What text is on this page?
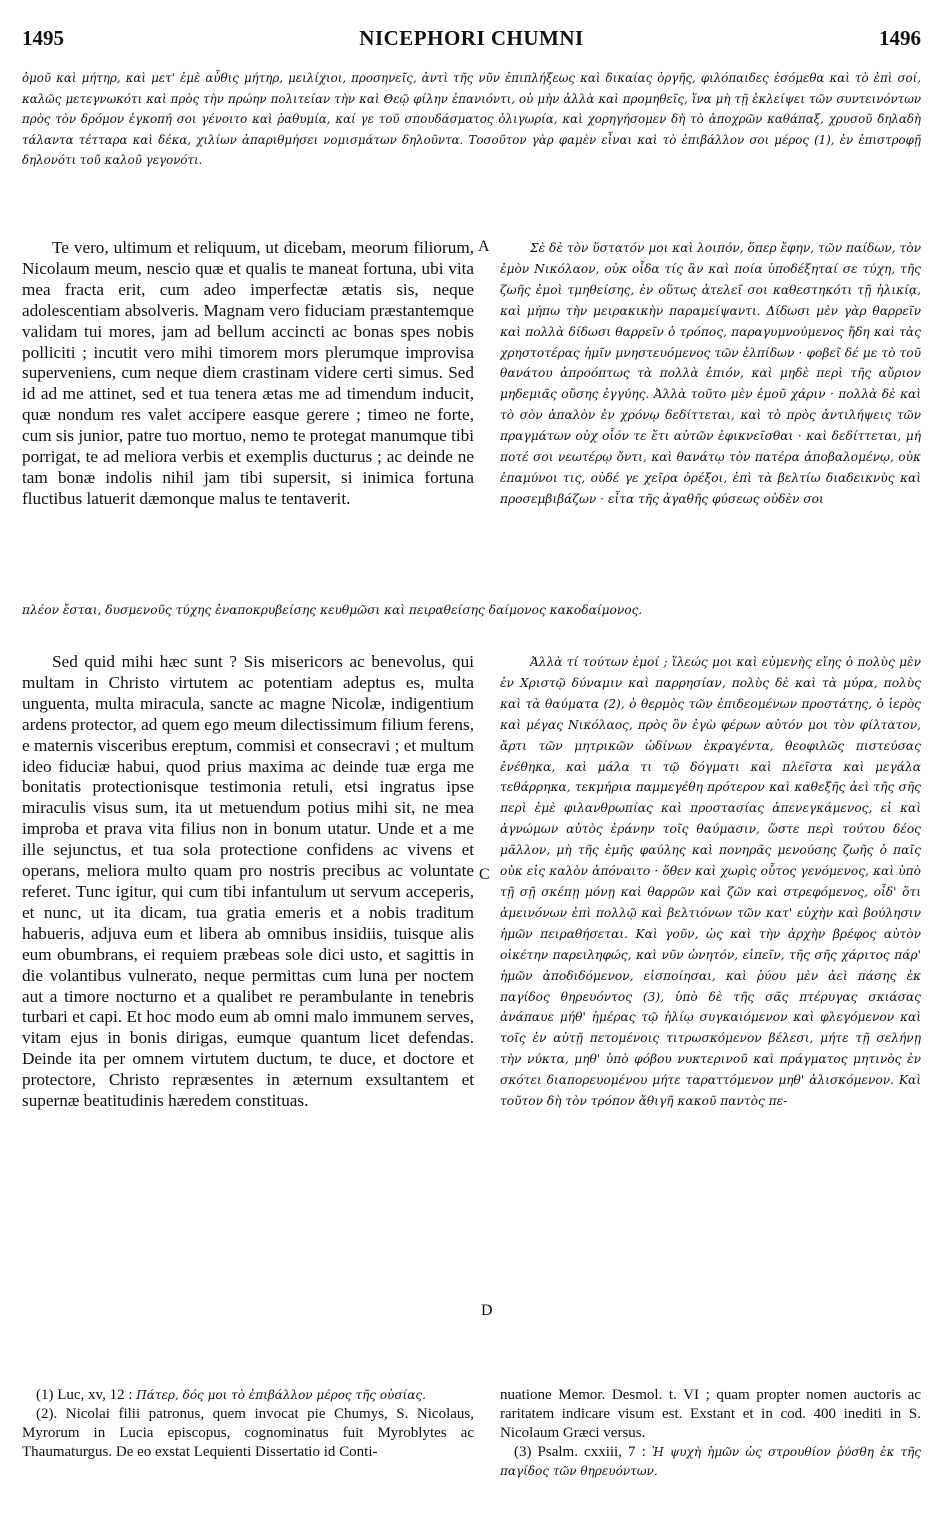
1495	NICEPHORI CHUMNI	1496
ὁμοῦ καὶ μήτηρ, καὶ μετ' ἐμὲ αὖθις μήτηρ, μειλίχιοι, προσηνεῖς, ἀντὶ τῆς νῦν ἐπιπλήξεως καὶ δικαίας ὀργῆς, φιλόπαιδες ἐσόμεθα καὶ τὸ ἐπὶ σοί, καλῶς μετεγνωκότι καὶ πρὸς τὴν πρώην πολιτείαν τὴν καὶ Θεῷ φίλην ἐπανιόντι, οὐ μὴν ἀλλὰ καὶ προμηθεῖς, ἵνα μὴ τῇ ἐκλείψει τῶν συντεινόντων πρὸς τὸν δρόμον ἐγκοπή σοι γένοιτο καὶ ῥαθυμία, καί γε τοῦ σπουδάσματος ὀλιγωρία, καὶ χορηγήσομεν δὴ τὸ ἀποχρῶν καθάπαξ, χρυσοῦ δηλαδὴ τάλαντα τέτταρα καὶ δέκα, χιλίων ἀπαριθμήσει νομισμάτων δηλοῦντα. Τοσοῦτον γὰρ φαμὲν εἶναι καὶ τὸ ἐπιβάλλον σοι μέρος (1), ἐν ἐπιστροφῇ δηλονότι τοῦ καλοῦ γεγονότι.

Te vero, ultimum et reliquum, ut dicebam, meorum filiorum, Nicolaum meum, nescio quæ et qualis te maneat fortuna, ubi vita mea fracta erit, cum adeo imperfectæ ætatis sis, neque adolescentiam absolveris. Magnam vero fiduciam præstantemque validam tui mores, jam ad bellum accincti ac bonas spes nobis polliciti ; incutit vero mihi timorem mors plerumque improvisa superveniens, cum neque diem crastinam videre certi simus. Sed id ad me attinet, sed et tua tenera ætas me ad timendum inducit, quæ nondum res valet accipere easque gerere ; timeo ne forte, cum sis junior, patre tuo mortuo, nemo te protegat manumque tibi porrigat, te ad meliora verbis et exemplis ducturus ; ac deinde ne tam bonæ indolis nihil jam tibi supersit, si inimica fortuna fluctibus latuerit dæmonque malus te tentaverit.

A	Σὲ δὲ τὸν ὕστατόν μοι καὶ λοιπόν, ὅπερ ἔφην, τῶν παίδων, τὸν ἐμὸν Νικόλαον, οὐκ οἶδα τίς ἂν καὶ ποία ὑποδέξηταί σε τύχη, τῆς ζωῆς ἐμοὶ τμηθείσης, ἐν οὕτως ἀτελεῖ σοι καθεστηκότι τῇ ἡλικίᾳ, καὶ μήπω τὴν μειρακικὴν παραμείψαντι. Δίδωσι μὲν γὰρ θαρρεῖν καὶ πολλὰ δίδωσι θαρρεῖν ὁ τρόπος, παραγυμνούμενος ἤδη καὶ τὰς χρηστοτέρας ἡμῖν μνηστευόμενος τῶν ἐλπίδων · φοβεῖ δέ με τὸ τοῦ θανάτου ἀπροόπτως τὰ πολλὰ ἐπιόν, καὶ μηδὲ περὶ τῆς αὔριον μηδεμιᾶς οὔσης ἐγγύης. Ἀλλὰ τοῦτο μὲν ἐμοῦ χάριν · πολλὰ δὲ καὶ τὸ σὸν ἁπαλὸν ἐν χρόνῳ δεδίττεται, καὶ τὸ πρὸς ἀντιλήψεις τῶν πραγμάτων οὐχ οἷόν τε ἔτι αὐτῶν ἐφικνεῖσθαι · καὶ δεδίττεται, μή ποτέ σοι νεωτέρῳ ὄντι, καὶ θανάτῳ τὸν πατέρα ἀποβαλομένῳ, οὐκ ἐπαμύνοι τις, οὐδέ γε χεῖρα ὀρέξοι, ἐπὶ τὰ βελτίω διαδεικνὺς καὶ προσεμβιβάζων · εἶτα τῆς ἀγαθῆς φύσεως οὐδὲν σοι

πλέον ἔσται, δυσμενοῦς τύχης ἐναποκρυβείσης κευθμῶσι καὶ πειραθείσης δαίμονος κακοδαίμονος.

Sed quid mihi hæc sunt ? Sis misericors ac benevolus, qui multam in Christo virtutem ac potentiam adeptus es, multa unguenta, multa miracula, sancte ac magne Nicolæ, indigentium ardens protector, ad quem ego meum dilectissimum filium ferens, e maternis visceribus ereptum, commisi et consecravi ; et multum ideo fiduciæ habui, quod prius maxima ac deinde tuæ erga me bonitatis protectionisque testimonia retuli, etsi ingratus ipse miraculis visus sum, ita ut metuendum potius mihi sit, ne mea improba et prava vita filius non in bonum utatur. Unde et a me ille sejunctus, et tua sola protectione confidens ac vivens et operans, meliora multo quam pro nostris precibus ac voluntate referet. Tunc igitur, qui cum tibi infantulum ut servum acceperis, et nunc, ut ita dicam, tua gratia emeris et a nobis traditum habueris, adjuva eum et libera ab omnibus insidiis, tuisque alis eum obumbrans, ei requiem præbeas sole dici usto, et sagittis in die volantibus vulnerato, neque permittas cum luna per noctem aut a timore nocturno et a qualibet re perambulante in tenebris turbari et capi. Et hoc modo eum ab omni malo immunem serves, vitam ejus in bonis dirigas, eumque quantum licet defendas. Deinde ita per omnem virtutem ductum, te duce, et doctore et protectore, Christo repræsentes in æternum exsultantem et supernæ beatitudinis hæredem constituas.

C
D

Ἀλλὰ τί τούτων ἐμοί ; ἵλεώς μοι καὶ εὐμενὴς εἴης ὁ πολὺς μὲν ἐν Χριστῷ δύναμιν καὶ παρρησίαν, πολὺς δὲ καὶ τὰ μύρα, πολὺς καὶ τὰ θαύματα (2), ὁ θερμὸς τῶν ἐπιδεομένων προστάτης, ὁ ἱερὸς καὶ μέγας Νικόλαος, πρὸς ὃν ἐγὼ φέρων αὐτόν μοι τὸν φίλτατον, ἄρτι τῶν μητρικῶν ὠδίνων ἐκραγέντα, θεοφιλῶς πιστεύσας ἐνέθηκα, καὶ μάλα τι τῷ δόγματι καὶ πλεῖστα καὶ μεγάλα τεθάρρηκα, τεκμήρια παμμεγέθη πρότερον καὶ καθεξῆς ἀεὶ τῆς σῆς περὶ ἐμὲ φιλανθρωπίας καὶ προστασίας ἀπενεγκάμενος, εἰ καὶ ἀγνώμων αὐτὸς ἐράνην τοῖς θαύμασιν, ὥστε περὶ τούτου δέος μᾶλλον, μὴ τῆς ἐμῆς φαύλης καὶ πονηρᾶς μενούσης ζωῆς ὁ παῖς οὐκ εἰς καλὸν ἀπόναιτο · ὅθεν καὶ χωρὶς οὗτος γενόμενος, καὶ ὑπὸ τῇ σῇ σκέπῃ μόνῃ καὶ θαρρῶν καὶ ζῶν καὶ στρεφόμενος, οἶδ' ὅτι ἀμεινόνων ἐπὶ πολλῷ καὶ βελτιόνων τῶν κατ' εὐχὴν καὶ βούλησιν ἡμῶν πειραθήσεται. Καὶ γοῦν, ὡς καὶ τὴν ἀρχὴν βρέφος αὐτὸν οἰκέτην παρειληφώς, καὶ νῦν ὠνητόν, εἰπεῖν, τῆς σῆς χάριτος πάρ' ἡμῶν ἀποδιδόμενον, εἰσποίησαι, καὶ ῥύου μὲν ἀεὶ πάσης ἐκ παγίδος θηρευόντος (3), ὑπὸ δὲ τῆς σᾶς πτέρυγας σκιάσας ἀνάπαυε μήθ' ἡμέρας τῷ ἡλίῳ συγκαιόμενον καὶ φλεγόμενον καὶ τοῖς ἐν αὐτῇ πετομένοις τιτρωσκόμενον βέλεσι, μήτε τῇ σελήνῃ τὴν νύκτα, μηθ' ὑπὸ φόβου νυκτερινοῦ καὶ πράγματος μητινὸς ἐν σκότει διαπορευομένου μήτε ταραττόμενον μηθ' ἁλισκόμενον. Καὶ τοῦτον δὴ τὸν τρόπον ἄθιγῆ κακοῦ παντὸς πε-

(1) Luc, xv, 12 : Πάτερ, δός μοι τὸ ἐπιβάλλον μέρος τῆς οὐσίας.

(2). Nicolai filii patronus, quem invocat pie Chumys, S. Nicolaus, Myrorum in Lucia episcopus, cognominatus fuit Myroblytes ac Thaumaturgus. De eo exstat Lequienti Dissertatio id Conti-

nuatione Memor. Desmol. t. VI ; quam propter nomen auctoris ac raritatem indicare visum est. Exstant et in cod. 400 inediti in S. Nicolaum Græci versus.

(3) Psalm. cxxiii, 7 : Ἡ ψυχὴ ἡμῶν ὡς στρουθίον ῥύσθη ἐκ τῆς παγίδος τῶν θηρευόντων.
